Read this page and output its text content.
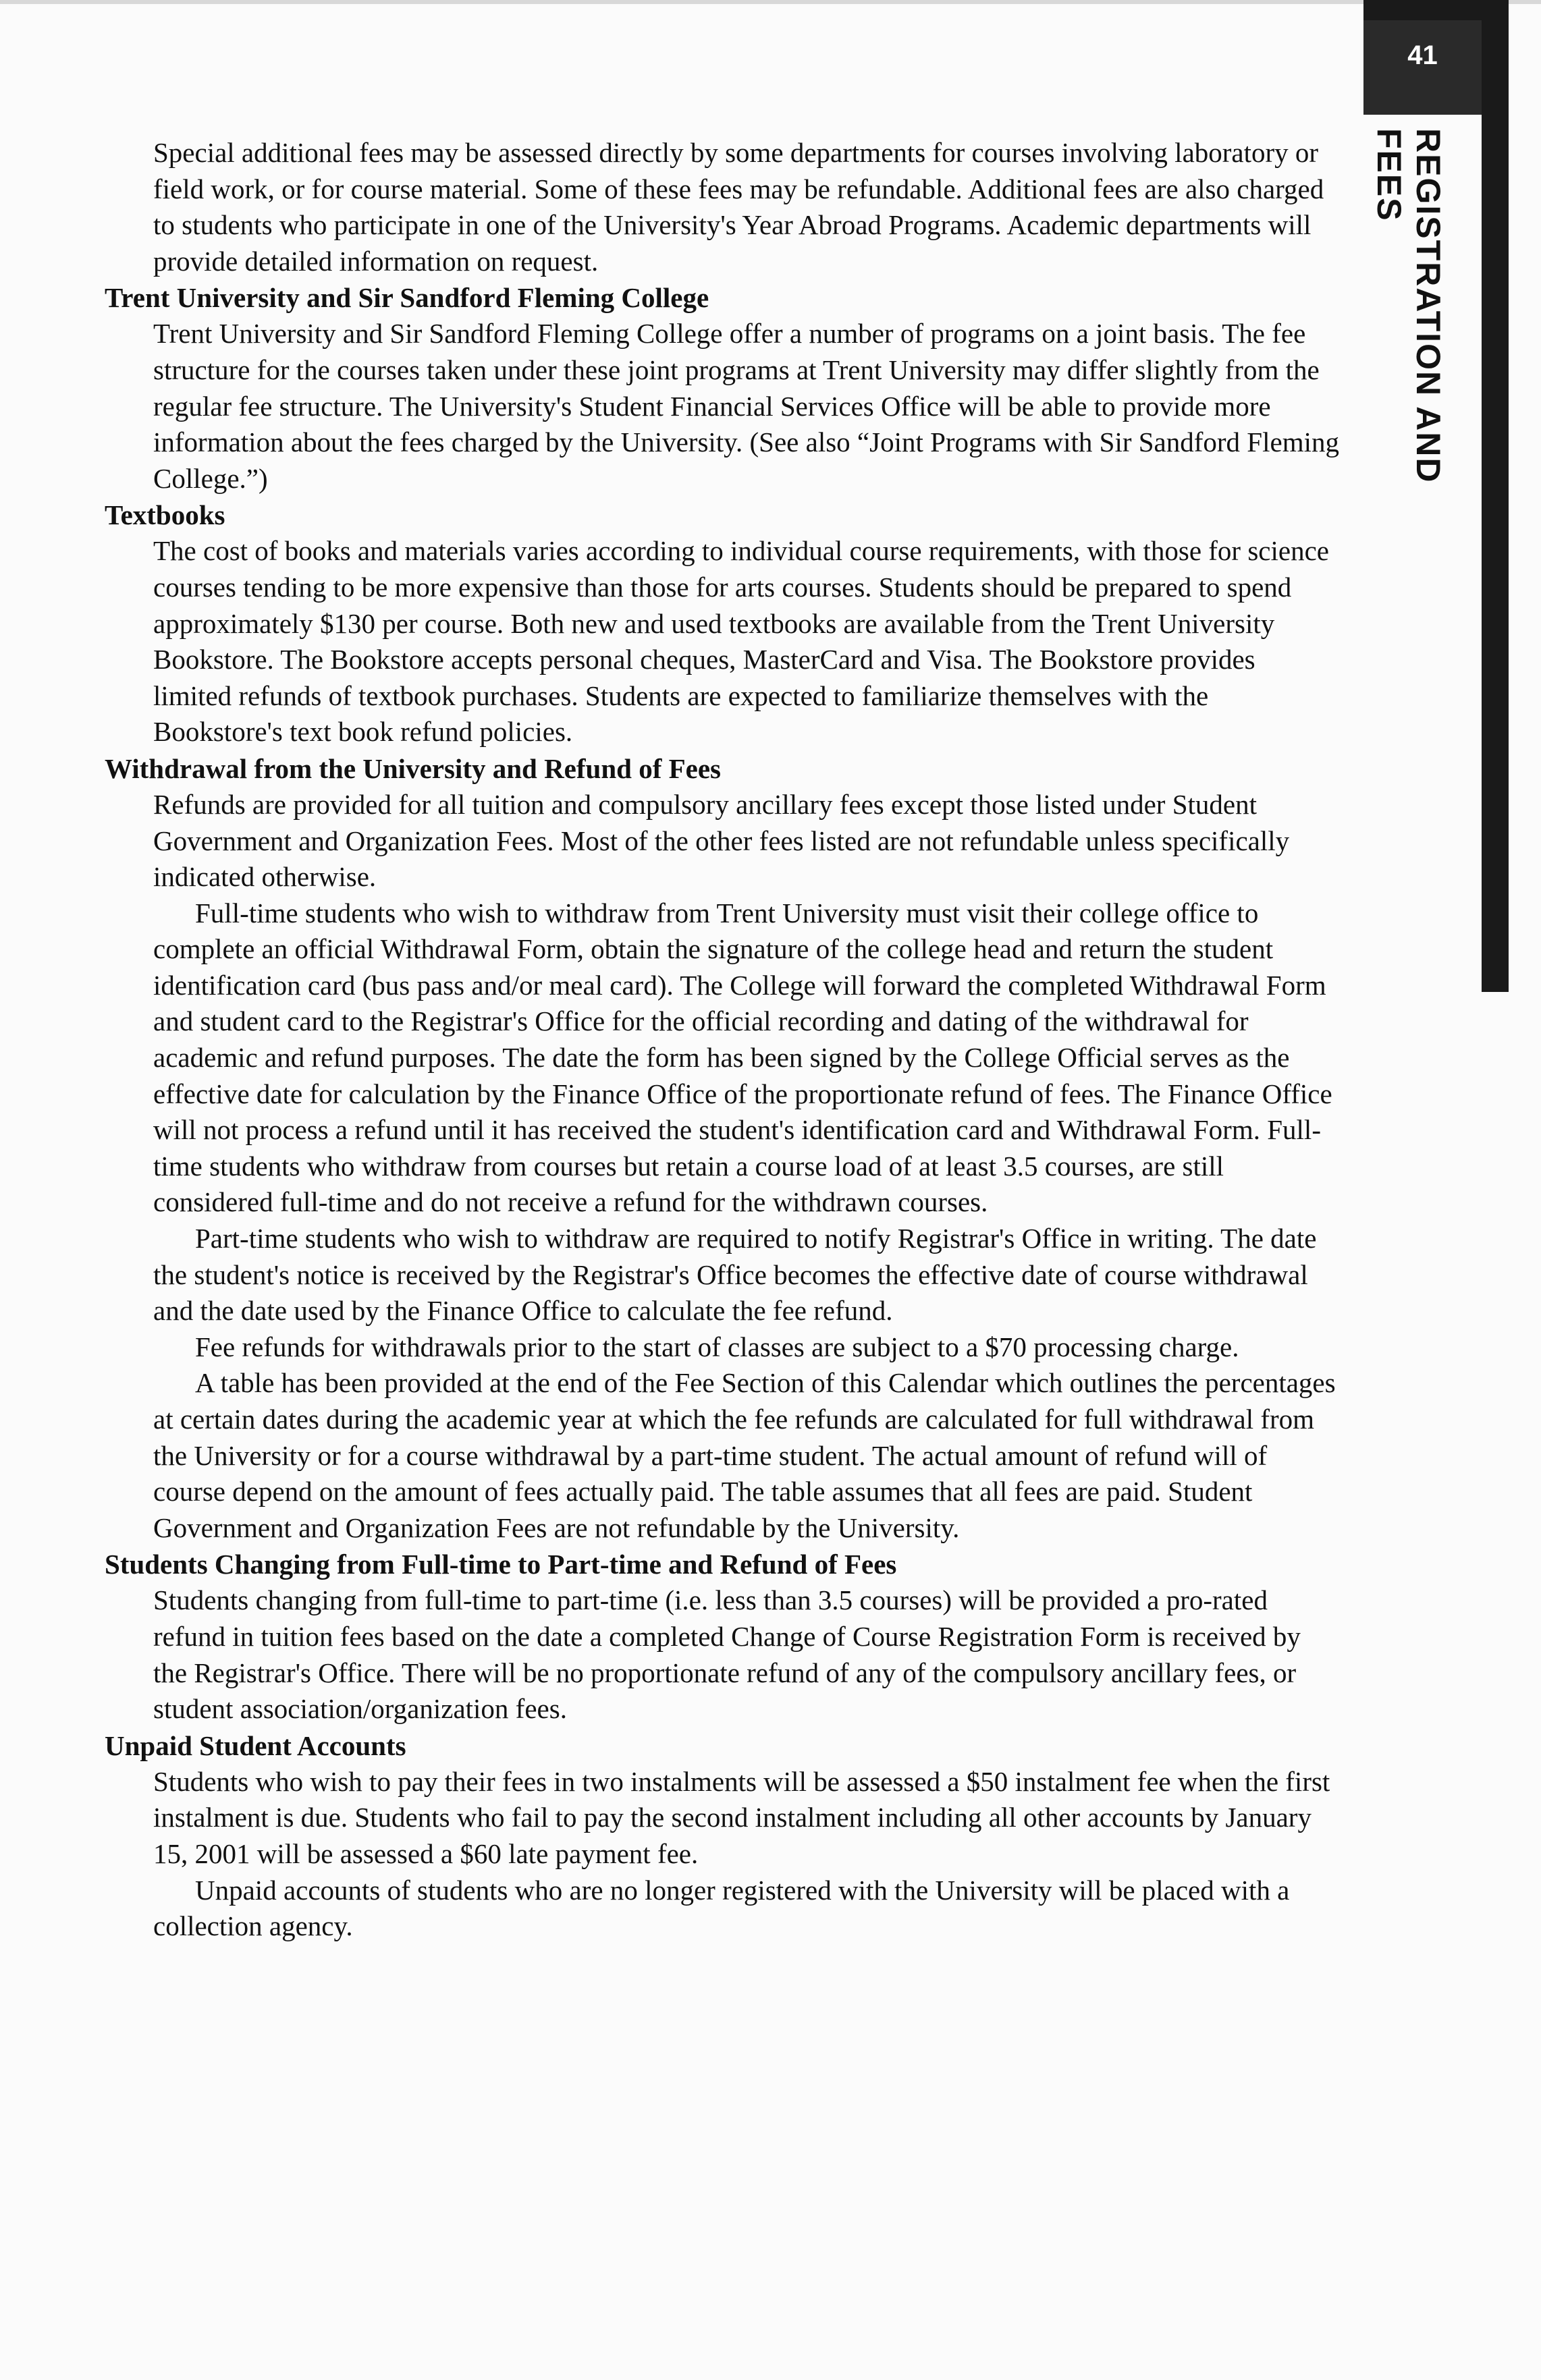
41
REGISTRATION AND FEES

Special additional fees may be assessed directly by some departments for courses involving laboratory or field work, or for course material. Some of these fees may be refundable. Additional fees are also charged to students who participate in one of the University's Year Abroad Programs. Academic departments will provide detailed information on request.

Trent University and Sir Sandford Fleming College

Trent University and Sir Sandford Fleming College offer a number of programs on a joint basis. The fee structure for the courses taken under these joint programs at Trent University may differ slightly from the regular fee structure. The University's Student Financial Services Office will be able to provide more information about the fees charged by the University. (See also “Joint Programs with Sir Sandford Fleming College.”)

Textbooks

The cost of books and materials varies according to individual course requirements, with those for science courses tending to be more expensive than those for arts courses. Students should be prepared to spend approximately $130 per course. Both new and used textbooks are available from the Trent University Bookstore. The Bookstore accepts personal cheques, MasterCard and Visa. The Bookstore provides limited refunds of textbook purchases. Students are expected to familiarize themselves with the Bookstore's text book refund policies.

Withdrawal from the University and Refund of Fees

Refunds are provided for all tuition and compulsory ancillary fees except those listed under Student Government and Organization Fees. Most of the other fees listed are not refundable unless specifically indicated otherwise.

Full-time students who wish to withdraw from Trent University must visit their college office to complete an official Withdrawal Form, obtain the signature of the college head and return the student identification card (bus pass and/or meal card). The College will forward the completed Withdrawal Form and student card to the Registrar's Office for the official recording and dating of the withdrawal for academic and refund purposes. The date the form has been signed by the College Official serves as the effective date for calculation by the Finance Office of the proportionate refund of fees. The Finance Office will not process a refund until it has received the student's identification card and Withdrawal Form. Full-time students who withdraw from courses but retain a course load of at least 3.5 courses, are still considered full-time and do not receive a refund for the withdrawn courses.

Part-time students who wish to withdraw are required to notify Registrar's Office in writing. The date the student's notice is received by the Registrar's Office becomes the effective date of course withdrawal and the date used by the Finance Office to calculate the fee refund.

Fee refunds for withdrawals prior to the start of classes are subject to a $70 processing charge.

A table has been provided at the end of the Fee Section of this Calendar which outlines the percentages at certain dates during the academic year at which the fee refunds are calculated for full withdrawal from the University or for a course withdrawal by a part-time student. The actual amount of refund will of course depend on the amount of fees actually paid. The table assumes that all fees are paid. Student Government and Organization Fees are not refundable by the University.

Students Changing from Full-time to Part-time and Refund of Fees

Students changing from full-time to part-time (i.e. less than 3.5 courses) will be provided a pro-rated refund in tuition fees based on the date a completed Change of Course Registration Form is received by the Registrar's Office. There will be no proportionate refund of any of the compulsory ancillary fees, or student association/organization fees.

Unpaid Student Accounts

Students who wish to pay their fees in two instalments will be assessed a $50 instalment fee when the first instalment is due. Students who fail to pay the second instalment including all other accounts by January 15, 2001 will be assessed a $60 late payment fee.

Unpaid accounts of students who are no longer registered with the University will be placed with a collection agency.
